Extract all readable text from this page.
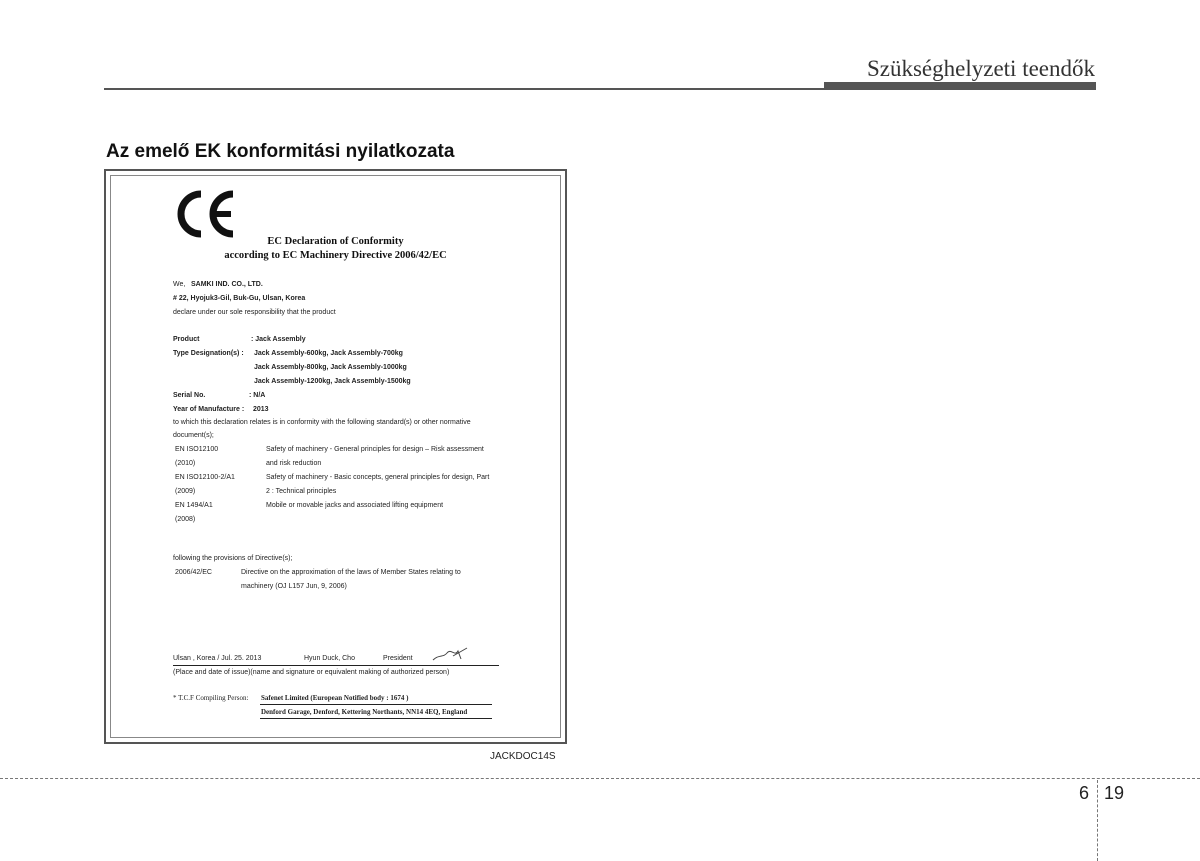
Szükséghelyzeti teendők
Az emelő EK konformitási nyilatkozata
EC Declaration of Conformity
according to EC Machinery Directive 2006/42/EC
We, SAMKI IND. CO., LTD.
# 22, Hyojuk3-Gil, Buk-Gu, Ulsan, Korea
declare under our sole responsibility that the product
Product	: Jack Assembly
Type Designation(s) : Jack Assembly-600kg, Jack Assembly-700kg
Jack Assembly-800kg, Jack Assembly-1000kg
Jack Assembly-1200kg, Jack Assembly-1500kg
Serial No.	: N/A
Year of Manufacture : 2013
to which this declaration relates is in conformity with the following standard(s) or other normative
document(s);
EN ISO12100	Safety of machinery - General principles for design – Risk assessment
(2010)	and risk reduction
EN ISO12100-2/A1	Safety of machinery - Basic concepts, general principles for design, Part
(2009)	2 : Technical principles
EN 1494/A1	Mobile or movable jacks and associated lifting equipment
(2008)
following the provisions of Directive(s);
2006/42/EC	Directive on the approximation of the laws of Member States relating to
machinery (OJ L157 Jun, 9, 2006)
Ulsan , Korea / Jul. 25. 2013	Hyun Duck, Cho	President
(Place and date of issue)(name and signature or equivalent making of authorized person)
* T.C.F Compiling Person: Safenet Limited (European Notified body : 1674 )
Denford Garage, Denford, Kettering Northants, NN14 4EQ, England
JACKDOC14S
6 19
